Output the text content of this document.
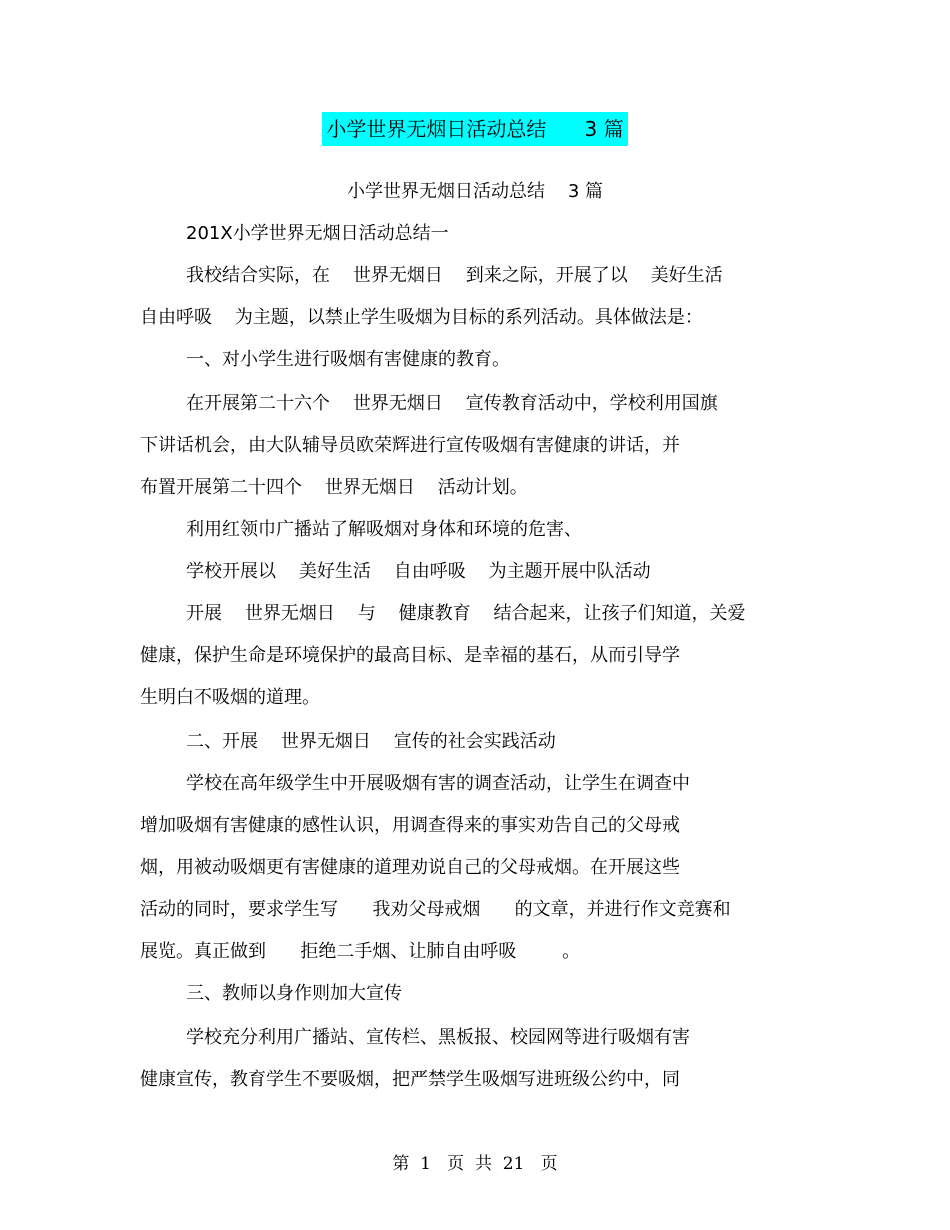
小学世界无烟日活动总结      3 篇
小学世界无烟日活动总结    3 篇
201X小学世界无烟日活动总结一
我校结合实际，在    世界无烟日    到来之际，开展了以    美好生活
自由呼吸    为主题，以禁止学生吸烟为目标的系列活动。具体做法是：
一、对小学生进行吸烟有害健康的教育。
在开展第二十六个    世界无烟日    宣传教育活动中，学校利用国旗
下讲话机会，由大队辅导员欧荣辉进行宣传吸烟有害健康的讲话，并
布置开展第二十四个    世界无烟日    活动计划。
利用红领巾广播站了解吸烟对身体和环境的危害、
学校开展以    美好生活    自由呼吸    为主题开展中队活动
开展    世界无烟日    与    健康教育    结合起来，让孩子们知道，关爱
健康，保护生命是环境保护的最高目标、是幸福的基石，从而引导学
生明白不吸烟的道理。
二、开展    世界无烟日    宣传的社会实践活动
学校在高年级学生中开展吸烟有害的调查活动，让学生在调查中
增加吸烟有害健康的感性认识，用调查得来的事实劝告自己的父母戒
烟，用被动吸烟更有害健康的道理劝说自己的父母戒烟。在开展这些
活动的同时，要求学生写      我劝父母戒烟      的文章，并进行作文竞赛和
展览。真正做到      拒绝二手烟、让肺自由呼吸        。
三、教师以身作则加大宣传
学校充分利用广播站、宣传栏、黑板报、校园网等进行吸烟有害
健康宣传，教育学生不要吸烟，把严禁学生吸烟写进班级公约中，同
第  1   页  共  21   页
